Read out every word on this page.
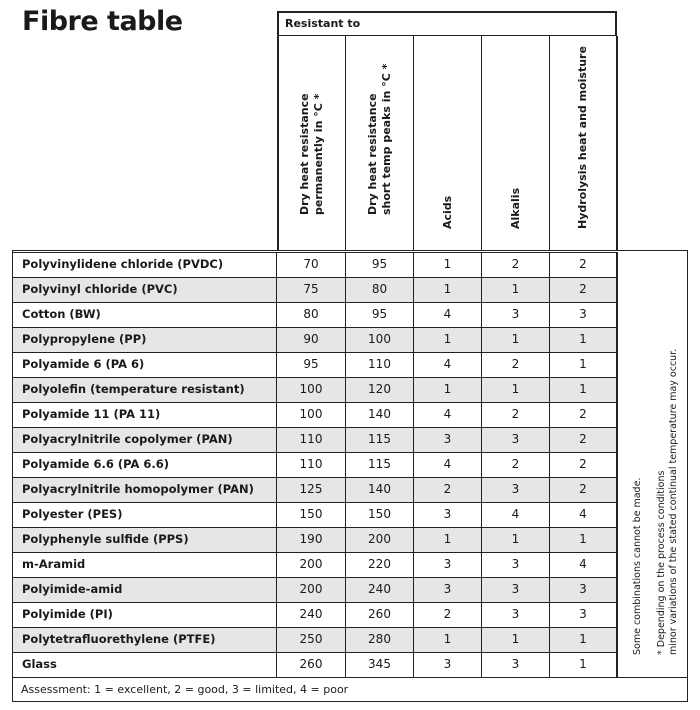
Fibre table	Resistant to
Dry heat resistance permanently in °C *	Dry heat resistance short temp peaks in °C *	Acids	Alkalis	Hydrolysis heat and moisture
Polyvinylidene chloride (PVDC)	70	95	1	2	2
Polyvinyl chloride (PVC)	75	80	1	1	2
Cotton (BW)	80	95	4	3	3
Polypropylene (PP)	90	100	1	1	1
Polyamide 6 (PA 6)	95	110	4	2	1
Polyolefin (temperature resistant)	100	120	1	1	1
Polyamide 11 (PA 11)	100	140	4	2	2
Polyacrylnitrile copolymer (PAN)	110	115	3	3	2
Polyamide 6.6 (PA 6.6)	110	115	4	2	2
Polyacrylnitrile homopolymer (PAN)	125	140	2	3	2
Polyester (PES)	150	150	3	4	4
Polyphenyle sulfide (PPS)	190	200	1	1	1
m-Aramid	200	220	3	3	4
Polyimide-amid	200	240	3	3	3
Polyimide (PI)	240	260	2	3	3
Polytetrafluorethylene (PTFE)	250	280	1	1	1
Glass	260	345	3	3	1
Some combinations cannot be made. * Depending on the process conditions minor variations of the stated continual temperature may occur.
Assessment: 1 = excellent, 2 = good, 3 = limited, 4 = poor
